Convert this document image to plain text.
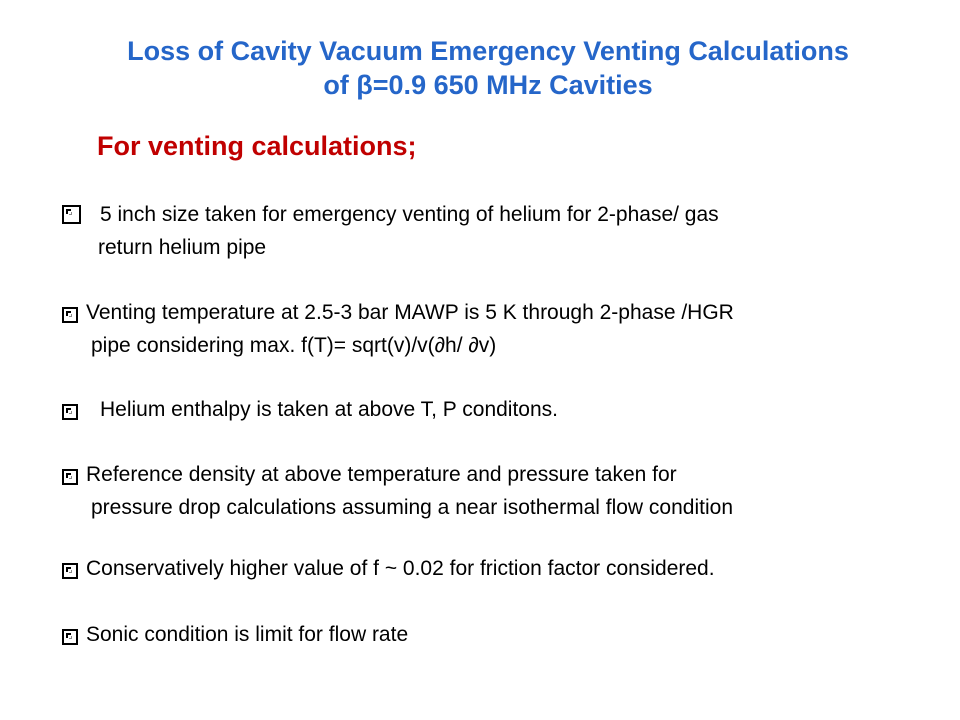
Loss of Cavity Vacuum Emergency Venting Calculations
of β=0.9 650 MHz Cavities
For venting calculations;
5 inch size taken for emergency venting of helium for 2-phase/ gas
return helium pipe
Venting temperature at 2.5-3 bar MAWP is 5 K through 2-phase /HGR
pipe considering max. f(T)= sqrt(v)/v(∂h/ ∂v)
Helium enthalpy is taken at above T, P conditons.
Reference density at above temperature and pressure taken for
pressure drop calculations assuming a near isothermal flow condition
Conservatively higher value of f ~ 0.02 for friction factor considered.
Sonic condition is limit for flow rate
